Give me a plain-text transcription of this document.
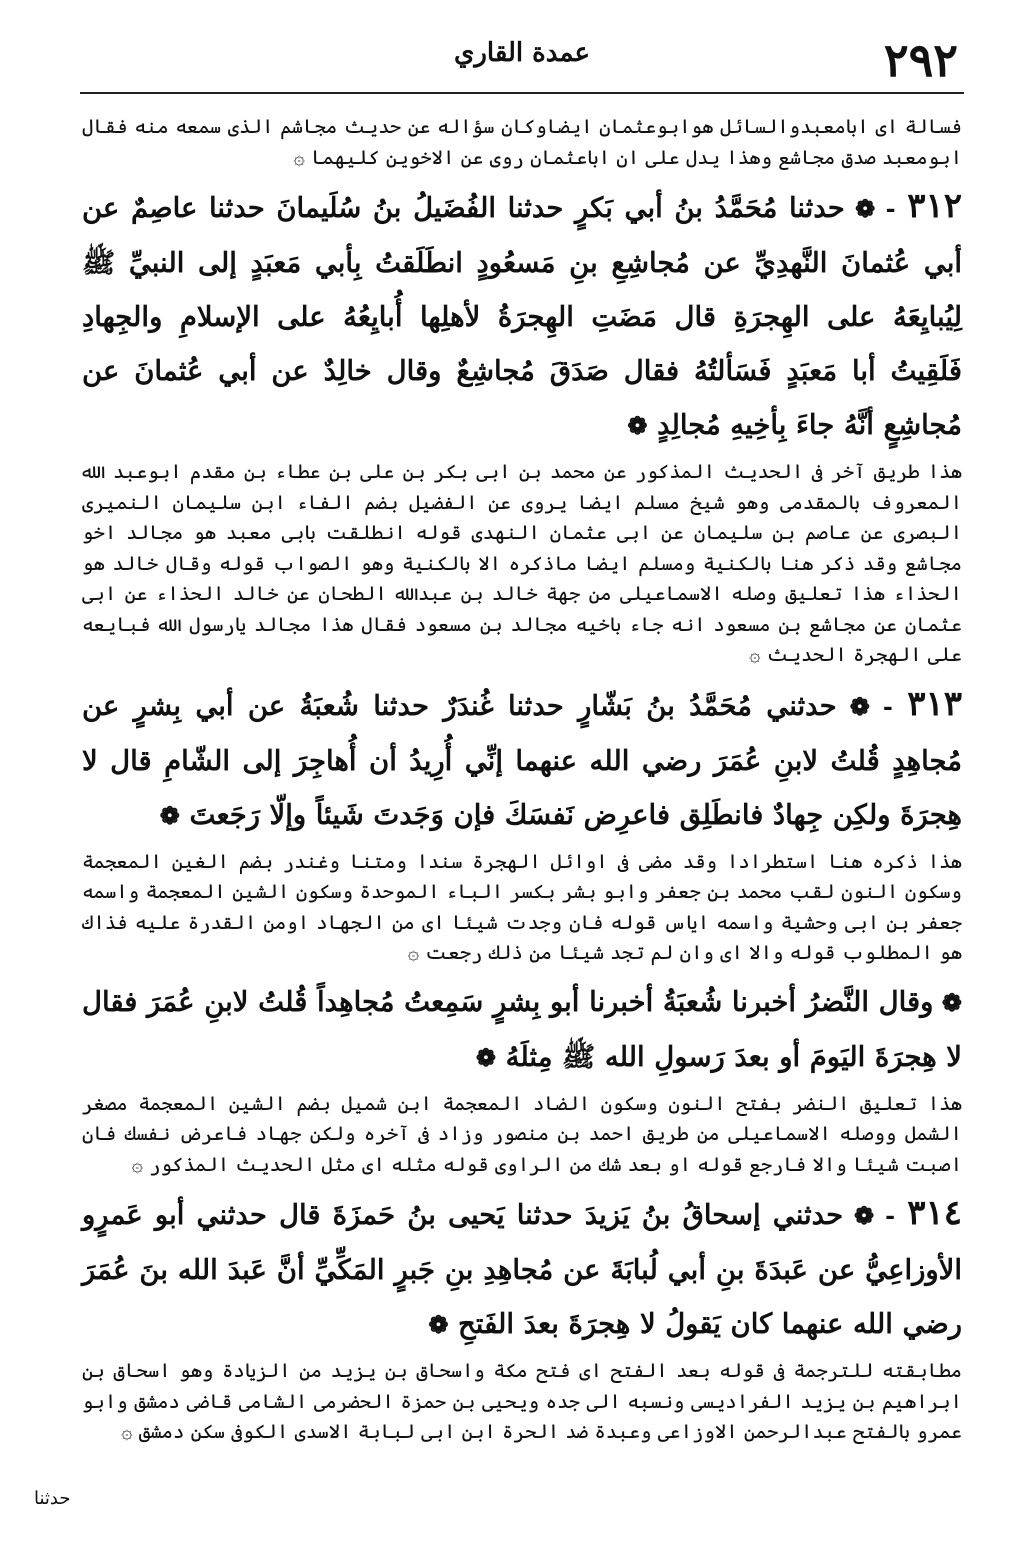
٢٩٢
عمدة القاري
فسالة ای ابامعبدوالسائل هوابوعثمان ایضاوکان سؤاله عن حدیث مجاشم الذی سمعه منه فقال ابومعبد صدق مجاشع وهذا یدل علی ان اباعثمان روی عن الاخوین کلیهما ۞
٣١٢ - ❁ حدثنا مُحَمَّدُ بنُ أبي بَكرٍ حدثنا الفُضَيلُ بنُ سُلَيمانَ حدثنا عاصِمٌ عن أبي عُثمانَ النَّهدِيِّ عن مُجاشِعِ بنِ مَسعُودٍ انطَلَقتُ بِأبي مَعبَدٍ إلى النبيِّ ﷺ لِيُبايِعَهُ على الهِجرَةِ قال مَضَتِ الهِجرَةُ لأهلِها أُبايِعُهُ على الإسلامِ والجِهادِ فَلَقِيتُ أبا مَعبَدٍ فَسَألتُهُ فقال صَدَقَ مُجاشِعٌ وقال خالِدٌ عن أبي عُثمانَ عن مُجاشِعٍ أنَّهُ جاءَ بِأخِيهِ مُجالِدٍ ❁
هذا طریق آخر فی الحدیث المذکور عن محمد بن ابی بکر بن علی بن عطاء بن مقدم ابوعبد الله المعروف بالمقدمی وهو شیخ مسلم ایضا یروی عن الفضیل بضم الفاء ابن سلیمان النمیری البصری عن عاصم بن سلیمان عن ابی عثمان النهدی قوله انطلقت بابی معبد هو مجالد اخو مجاشع وقد ذکر هنا بالکنیة ومسلم ایضا ماذکره الا بالکنیة وهو الصواب قوله وقال خالد هو الحذاء هذا تعلیق وصله الاسماعیلی من جهة خالد بن عبدالله الطحان عن خالد الحذاء عن ابی عثمان عن مجاشع بن مسعود انه جاء باخیه مجالد بن مسعود فقال هذا مجالد یارسول الله فبایعه علی الهجرة الحدیث ۞
٣١٣ - ❁ حدثني مُحَمَّدُ بنُ بَشّارٍ حدثنا غُندَرٌ حدثنا شُعبَةُ عن أبي بِشرٍ عن مُجاهِدٍ قُلتُ لابنِ عُمَرَ رضي الله عنهما إنِّي أُرِيدُ أن أُهاجِرَ إلى الشّامِ قال لا هِجرَةَ ولكِن جِهادٌ فانطَلِق فاعرِض نَفسَكَ فإن وَجَدتَ شَيئاً وإلّا رَجَعتَ ❁
هذا ذکره هنا استطرادا وقد مضی فی اوائل الهجرة سندا ومتنا وغندر بضم الغین المعجمة وسکون النون لقب محمد بن جعفر وابو بشر بکسر الباء الموحدة وسکون الشین المعجمة واسمه جعفر بن ابی وحشیة واسمه ایاس قوله فان وجدت شیئا ای من الجهاد اومن القدرة علیه فذاك هو المطلوب قوله والا ای وان لم تجد شیئا من ذلك رجعت ۞
❁ وقال النَّضرُ أخبرنا شُعبَةُ أخبرنا أبو بِشرٍ سَمِعتُ مُجاهِداً قُلتُ لابنِ عُمَرَ فقال لا هِجرَةَ اليَومَ أو بعدَ رَسولِ الله ﷺ مِثلَهُ ❁
هذا تعلیق النضر بفتح النون وسکون الضاد المعجمة ابن شمیل بضم الشین المعجمة مصغر الشمل ووصله الاسماعیلی من طریق احمد بن منصور وزاد فی آخره ولکن جهاد فاعرض نفسك فان اصبت شیئا والا فارجع قوله او بعد شك من الراوی قوله مثله ای مثل الحدیث المذکور ۞
٣١٤ - ❁ حدثني إسحاقُ بنُ يَزيدَ حدثنا يَحيى بنُ حَمزَةَ قال حدثني أبو عَمرٍو الأوزاعِيُّ عن عَبدَةَ بنِ أبي لُبابَةَ عن مُجاهِدِ بنِ جَبرٍ المَكِّيِّ أنَّ عَبدَ الله بنَ عُمَرَ رضي الله عنهما كان يَقولُ لا هِجرَةَ بعدَ الفَتحِ ❁
مطابقته للترجمة فی قوله بعد الفتح ای فتح مکة واسحاق بن یزید من الزیادة وهو اسحاق بن ابراهیم بن یزید الفرادیسی ونسبه الی جده ویحیی بن حمزة الحضرمی الشامی قاضی دمشق وابو عمرو بالفتح عبدالرحمن الاوزاعی وعبدة ضد الحرة ابن ابی لبابة الاسدی الکوفی سکن دمشق ۞
حدثنا
